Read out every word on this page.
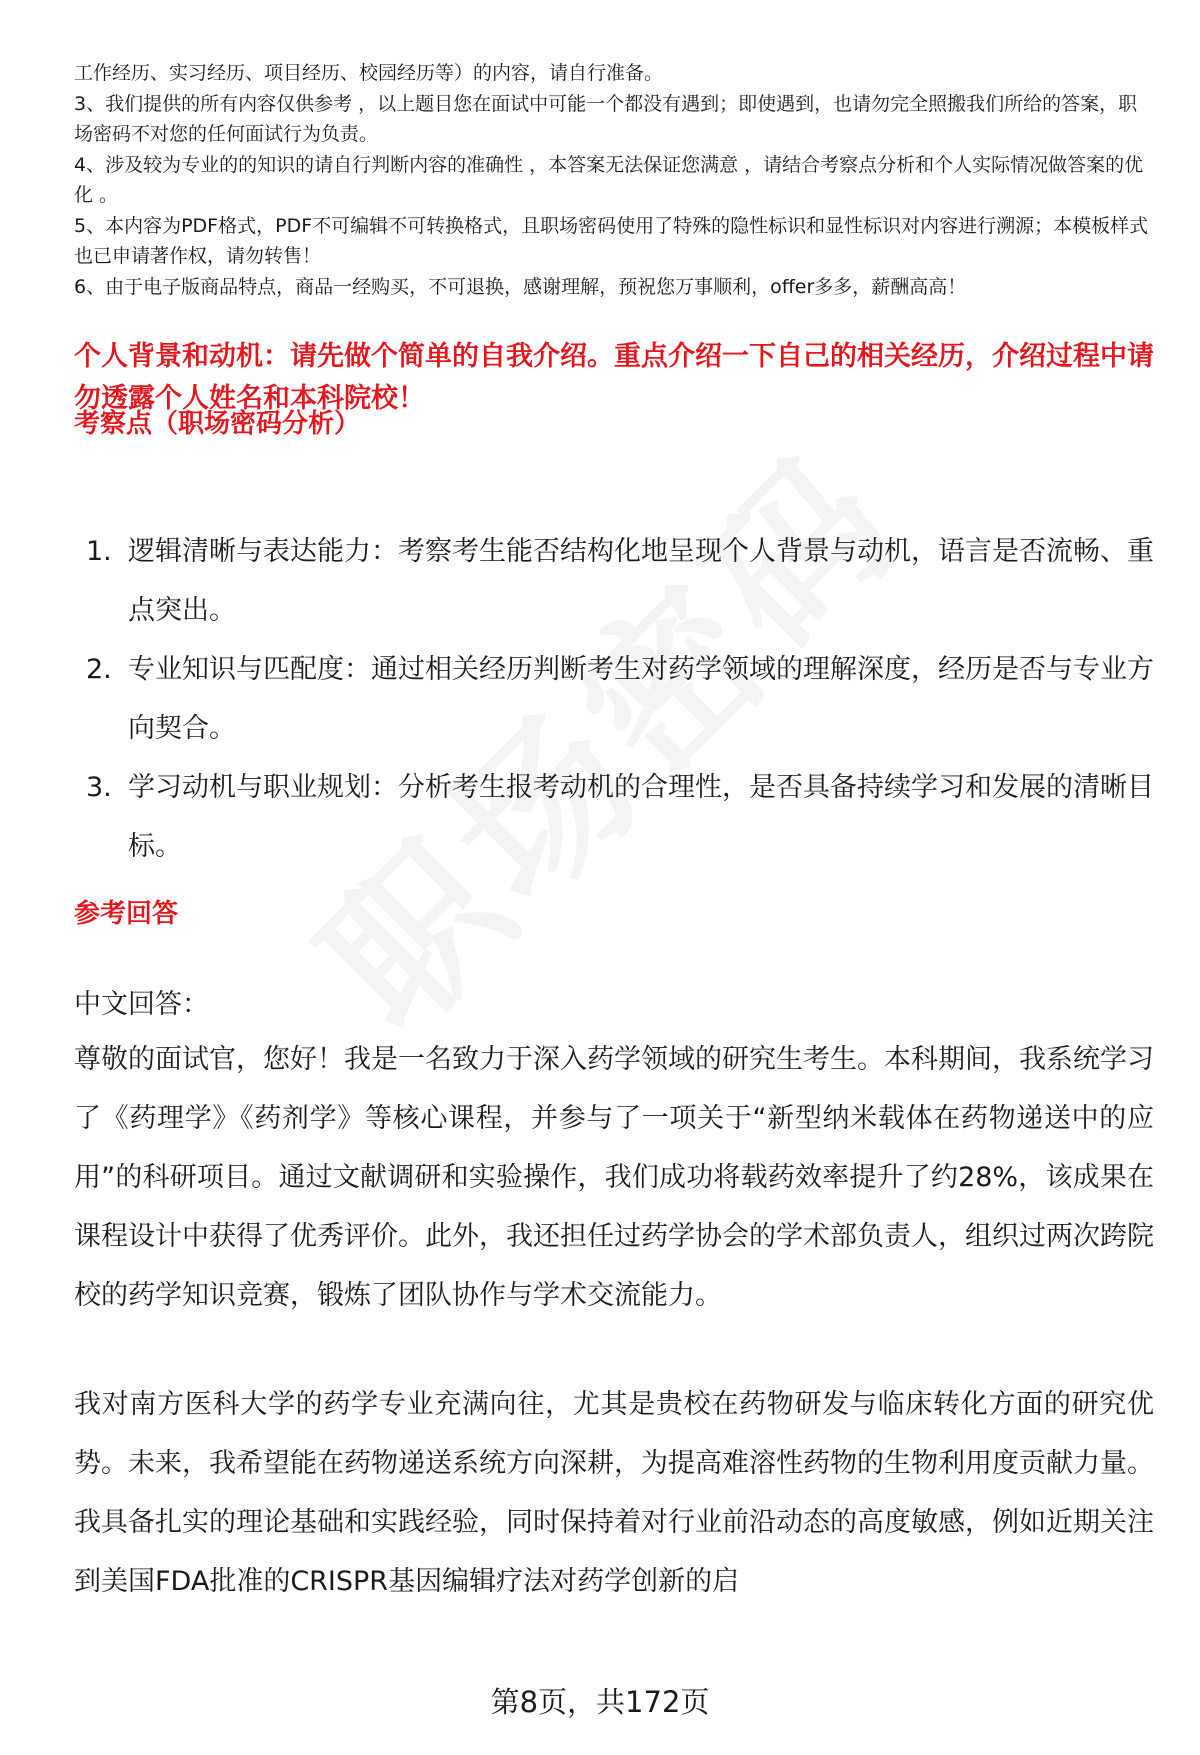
工作经历、实习经历、项目经历、校园经历等）的内容，请自行准备。

3、我们提供的所有内容仅供参考 ，以上题目您在面试中可能一个都没有遇到；即使遇到，也请勿完全照搬我们所给的答案，职场密码不对您的任何面试行为负责。

4、涉及较为专业的的知识的请自行判断内容的准确性 ，本答案无法保证您满意 ，请结合考察点分析和个人实际情况做答案的优化 。

5、本内容为PDF格式，PDF不可编辑不可转换格式，且职场密码使用了特殊的隐性标识和显性标识对内容进行溯源；本模板样式也已申请著作权，请勿转售！

6、由于电子版商品特点，商品一经购买，不可退换，感谢理解，预祝您万事顺利，offer多多，薪酬高高！

个人背景和动机：请先做个简单的自我介绍。重点介绍一下自己的相关经历，介绍过程中请勿透露个人姓名和本科院校！
考察点（职场密码分析）
1. 逻辑清晰与表达能力：考察考生能否结构化地呈现个人背景与动机，语言是否流畅、重点突出。
2. 专业知识与匹配度：通过相关经历判断考生对药学领域的理解深度，经历是否与专业方向契合。
3. 学习动机与职业规划：分析考生报考动机的合理性，是否具备持续学习和发展的清晰目标。
参考回答

中文回答：

尊敬的面试官，您好！我是一名致力于深入药学领域的研究生考生。本科期间，我系统学习了《药理学》《药剂学》等核心课程，并参与了一项关于“新型纳米载体在药物递送中的应用”的科研项目。通过文献调研和实验操作，我们成功将载药效率提升了约28%，该成果在课程设计中获得了优秀评价。此外，我还担任过药学协会的学术部负责人，组织过两次跨院校的药学知识竞赛，锻炼了团队协作与学术交流能力。

我对南方医科大学的药学专业充满向往，尤其是贵校在药物研发与临床转化方面的研究优势。未来，我希望能在药物递送系统方向深耕，为提高难溶性药物的生物利用度贡献力量。我具备扎实的理论基础和实践经验，同时保持着对行业前沿动态的高度敏感，例如近期关注到美国FDA批准的CRISPR基因编辑疗法对药学创新的启

第8页，共172页
